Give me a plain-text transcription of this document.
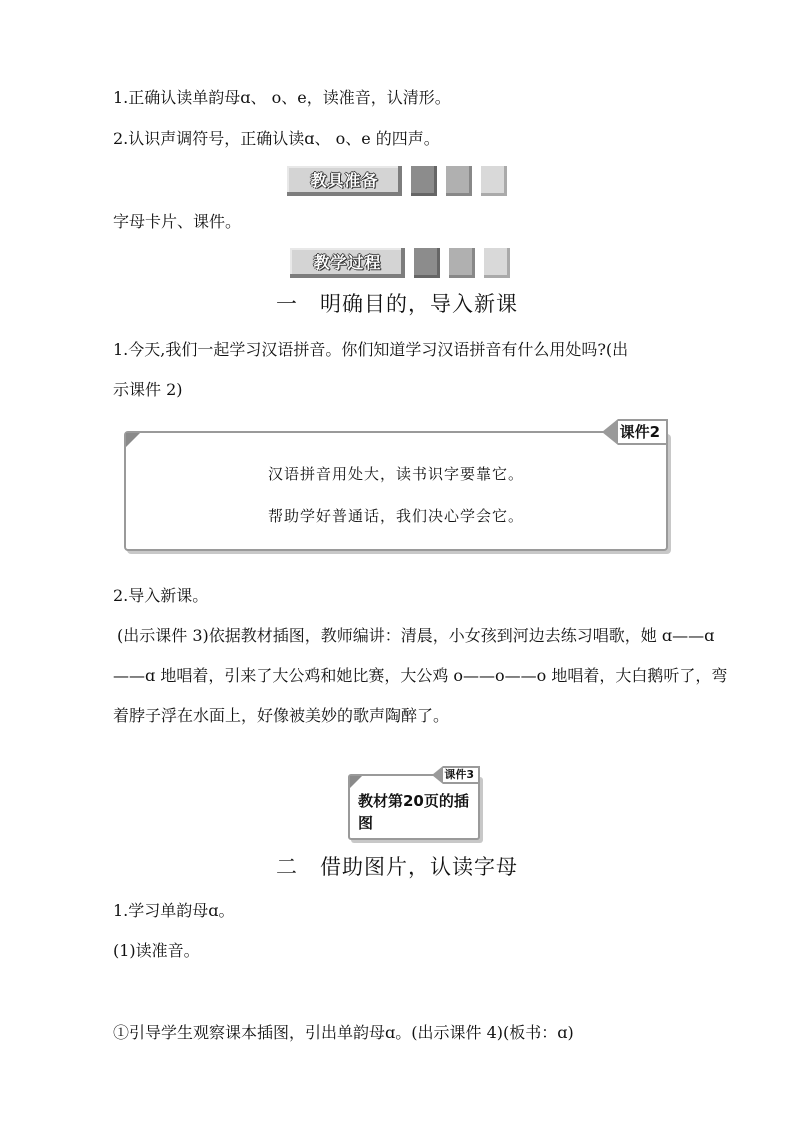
1.正确认读单韵母ɑ、 o、e，读准音，认清形。
2.认识声调符号，正确认读ɑ、 o、e 的四声。
教具准备
字母卡片、课件。
教学过程
一　明确目的，导入新课
1.今天,我们一起学习汉语拼音。你们知道学习汉语拼音有什么用处吗?(出
示课件 2)
课件2
汉语拼音用处大，读书识字要靠它。
帮助学好普通话，我们决心学会它。
2.导入新课。
(出示课件 3)依据教材插图，教师编讲：清晨，小女孩到河边去练习唱歌，她 ɑ——ɑ——ɑ 地唱着，引来了大公鸡和她比赛，大公鸡 o——o——o 地唱着，大白鹅听了，弯着脖子浮在水面上，好像被美妙的歌声陶醉了。
课件3
教材第20页的插图
二　借助图片，认读字母
1.学习单韵母ɑ。
(1)读准音。
①引导学生观察课本插图，引出单韵母ɑ。(出示课件 4)(板书：ɑ)
